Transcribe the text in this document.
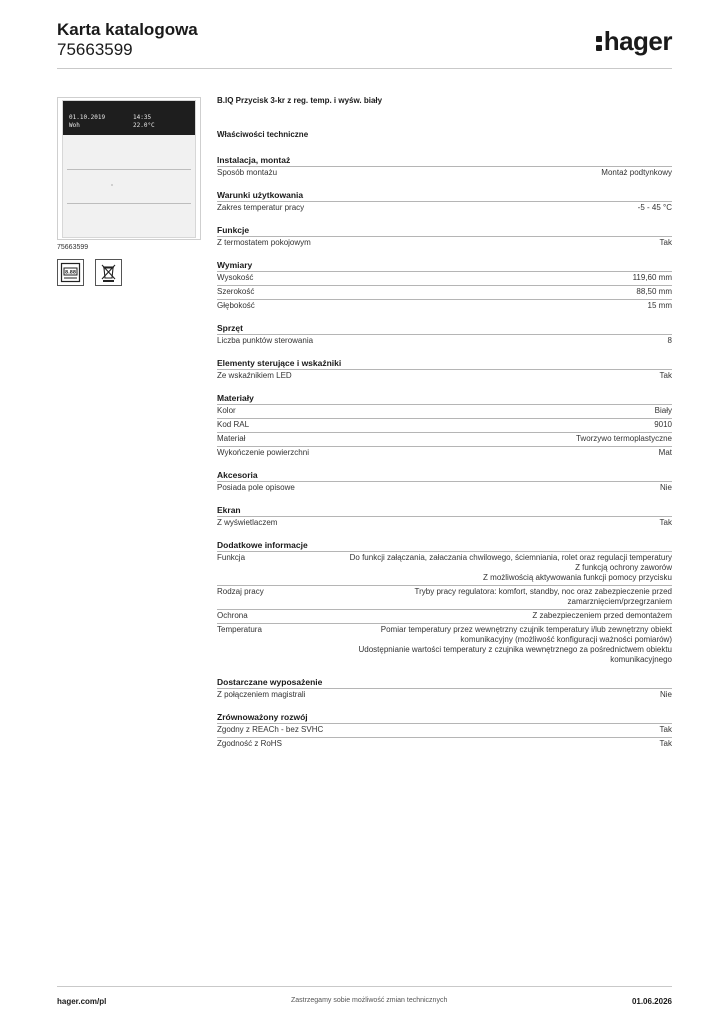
Karta katalogowa

75663599	hager
01.10.2019
Woh
14:35
22.0°C
75663599
8.88

B.IQ Przycisk 3-kr z reg. temp. i wyśw. biały

Właściwości techniczne

Instalacja, montaż
Sposób montażu	Montaż podtynkowy
Warunki użytkowania
Zakres temperatur pracy	-5 - 45 °C
Funkcje
Z termostatem pokojowym	Tak
Wymiary
Wysokość	119,60 mm
Szerokość	88,50 mm
Głębokość	15 mm
Sprzęt
Liczba punktów sterowania	8
Elementy sterujące i wskaźniki
Ze wskaźnikiem LED	Tak
Materiały
Kolor	Biały
Kod RAL	9010
Materiał	Tworzywo termoplastyczne
Wykończenie powierzchni	Mat
Akcesoria
Posiada pole opisowe	Nie
Ekran
Z wyświetlaczem	Tak
Dodatkowe informacje
Funkcja	Do funkcji załączania, załaczania chwilowego, ściemniania, rolet oraz regulacji temperatury
Z funkcją ochrony zaworów
Z możliwością aktywowania funkcji pomocy przycisku
Rodzaj pracy	Tryby pracy regulatora: komfort, standby, noc oraz zabezpieczenie przed zamarznięciem/przegrzaniem
Ochrona	Z zabezpieczeniem przed demontażem
Temperatura	Pomiar temperatury przez wewnętrzny czujnik temperatury i/lub zewnętrzny obiekt komunikacyjny (możliwość konfiguracji ważności pomiarów)
Udostępnianie wartości temperatury z czujnika wewnętrznego za pośrednictwem obiektu komunikacyjnego
Dostarczane wyposażenie
Z połączeniem magistrali	Nie
Zrównoważony rozwój
Zgodny z REACh - bez SVHC	Tak
Zgodność z RoHS	Tak
hager.com/pl	Zastrzegamy sobie możliwość zmian technicznych	01.06.2026
